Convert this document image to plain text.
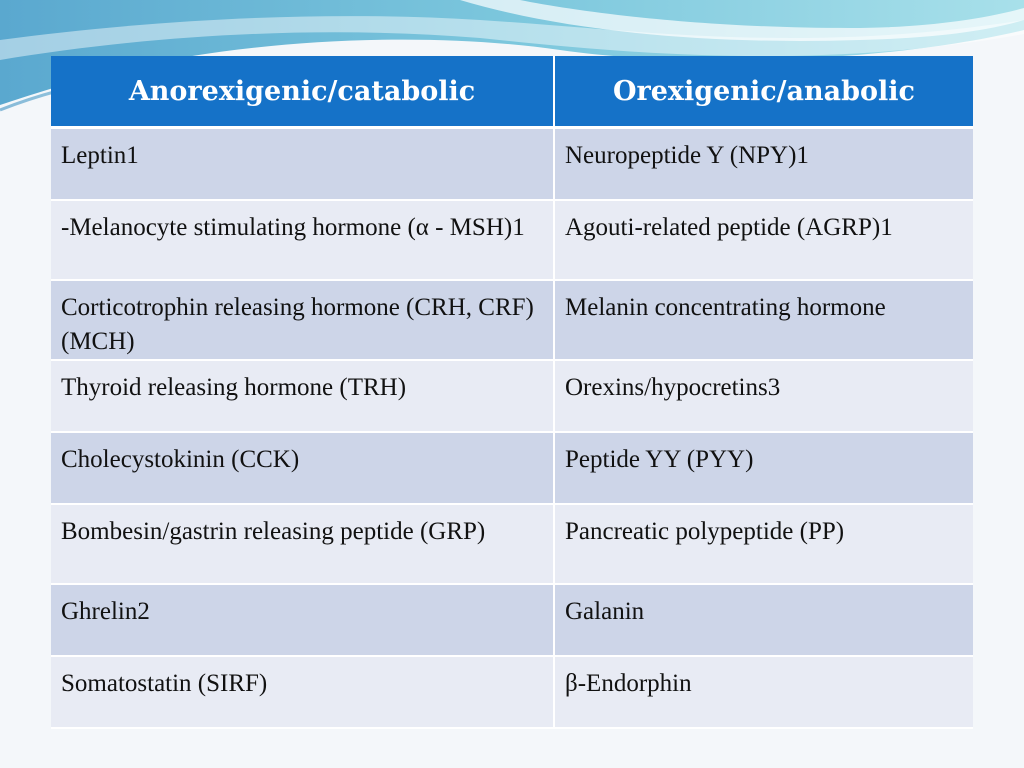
Anorexigenic/catabolic	Orexigenic/anabolic
Leptin1	Neuropeptide Y (NPY)1
-Melanocyte stimulating hormone (α - MSH)1	Agouti-related peptide (AGRP)1
Corticotrophin releasing hormone (CRH, CRF) (MCH)	Melanin concentrating hormone
Thyroid releasing hormone (TRH)	Orexins/hypocretins3
Cholecystokinin (CCK)	Peptide YY (PYY)
Bombesin/gastrin releasing peptide (GRP)	Pancreatic polypeptide (PP)
Ghrelin2	Galanin
Somatostatin (SIRF)	β-Endorphin
